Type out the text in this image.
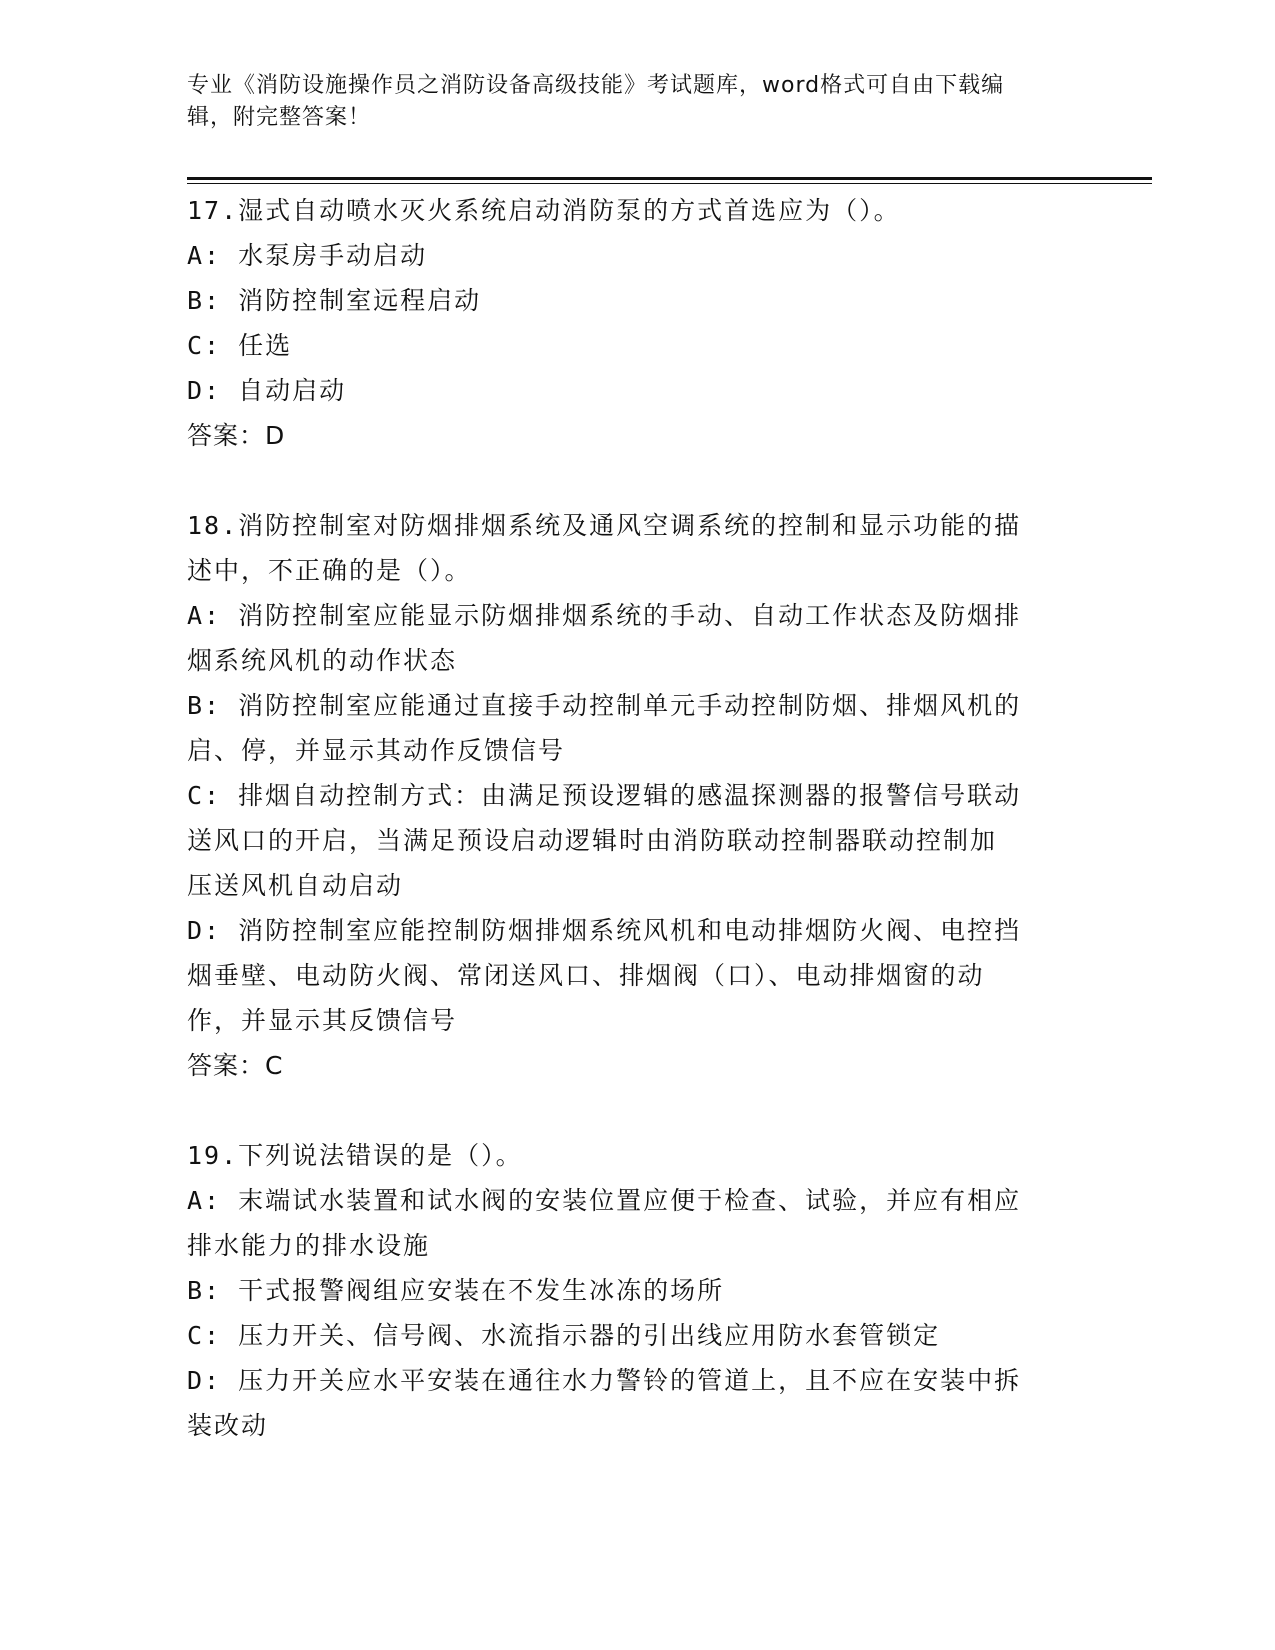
专业《消防设施操作员之消防设备高级技能》考试题库，word格式可自由下载编
辑，附完整答案！
17.湿式自动喷水灭火系统启动消防泵的方式首选应为（）。
A: 水泵房手动启动
B: 消防控制室远程启动
C: 任选
D: 自动启动
答案：D
18.消防控制室对防烟排烟系统及通风空调系统的控制和显示功能的描
述中，不正确的是（）。
A: 消防控制室应能显示防烟排烟系统的手动、自动工作状态及防烟排
烟系统风机的动作状态
B: 消防控制室应能通过直接手动控制单元手动控制防烟、排烟风机的
启、停，并显示其动作反馈信号
C: 排烟自动控制方式：由满足预设逻辑的感温探测器的报警信号联动
送风口的开启，当满足预设启动逻辑时由消防联动控制器联动控制加
压送风机自动启动
D: 消防控制室应能控制防烟排烟系统风机和电动排烟防火阀、电控挡
烟垂壁、电动防火阀、常闭送风口、排烟阀（口）、电动排烟窗的动
作，并显示其反馈信号
答案：C
19.下列说法错误的是（）。
A: 末端试水装置和试水阀的安装位置应便于检查、试验，并应有相应
排水能力的排水设施
B: 干式报警阀组应安装在不发生冰冻的场所
C: 压力开关、信号阀、水流指示器的引出线应用防水套管锁定
D: 压力开关应水平安装在通往水力警铃的管道上，且不应在安装中拆
装改动
